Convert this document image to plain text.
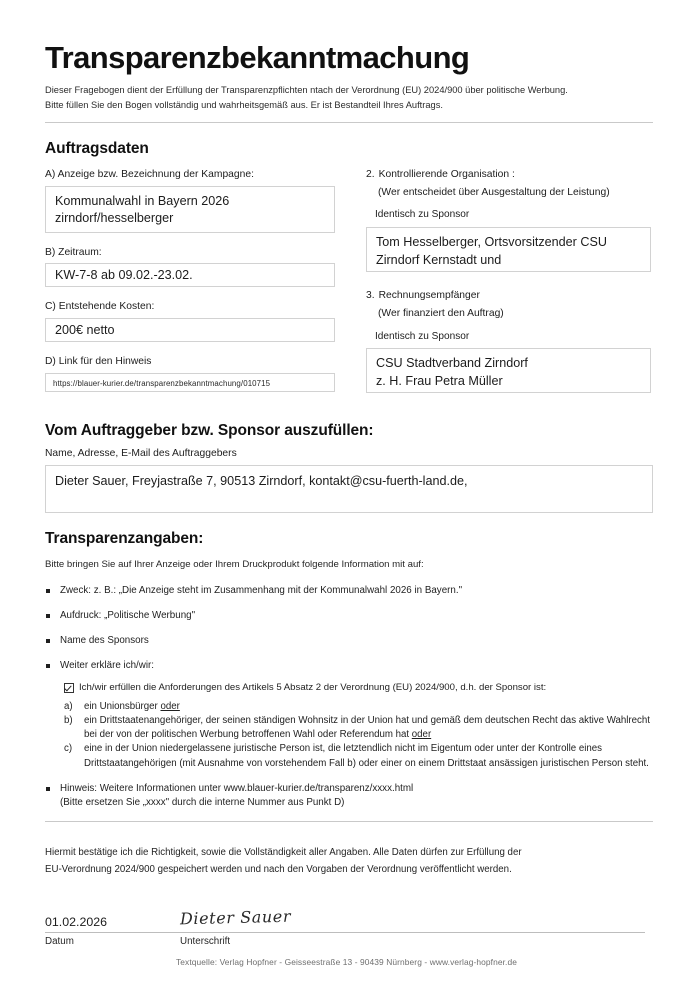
Transparenzbekanntmachung
Dieser Fragebogen dient der Erfüllung der Transparenzpflichten ntach der Verordnung (EU) 2024/900 über politische Werbung.
Bitte füllen Sie den Bogen vollständig und wahrheitsgemäß aus. Er ist Bestandteil Ihres Auftrags.
Auftragsdaten
A) Anzeige bzw. Bezeichnung der Kampagne:
Kommunalwahl in Bayern 2026
zirndorf/hesselberger
B) Zeitraum:
KW-7-8 ab 09.02.-23.02.
C) Entstehende Kosten:
200€ netto
D) Link für den Hinweis
https://blauer-kurier.de/transparenzbekanntmachung/010715
2. Kontrollierende Organisation :
(Wer entscheidet über Ausgestaltung der Leistung)
Identisch zu Sponsor
Tom Hesselberger, Ortsvorsitzender CSU
Zirndorf Kernstadt und
3. Rechnungsempfänger
(Wer finanziert den Auftrag)
Identisch zu Sponsor
CSU Stadtverband Zirndorf
z. H. Frau Petra Müller
Vom Auftraggeber bzw. Sponsor auszufüllen:
Name, Adresse, E-Mail des Auftraggebers
Dieter Sauer, Freyjastraße 7, 90513 Zirndorf, kontakt@csu-fuerth-land.de,
Transparenzangaben:
Bitte bringen Sie auf Ihrer Anzeige oder Ihrem Druckprodukt folgende Information mit auf:
Zweck: z. B.: „Die Anzeige steht im Zusammenhang mit der Kommunalwahl 2026 in Bayern."
Aufdruck: „Politische Werbung"
Name des Sponsors
Weiter erkläre ich/wir:
Ich/wir erfüllen die Anforderungen des Artikels 5 Absatz 2 der Verordnung (EU) 2024/900, d.h. der Sponsor ist:
a)	ein Unionsbürger oder
b)	ein Drittstaatenangehöriger, der seinen ständigen Wohnsitz in der Union hat und gemäß dem deutschen Recht das aktive Wahlrecht bei der von der politischen Werbung betroffenen Wahl oder Referendum hat oder
c)	eine in der Union niedergelassene juristische Person ist, die letztendlich nicht im Eigentum oder unter der Kontrolle eines Drittstaatangehörigen (mit Ausnahme von vorstehendem Fall b) oder einer on einem Drittstaat ansässigen juristischen Person steht.
Hinweis: Weitere Informationen unter www.blauer-kurier.de/transparenz/xxxx.html
(Bitte ersetzen Sie „xxxx" durch die interne Nummer aus Punkt D)
Hiermit bestätige ich die Richtigkeit, sowie die Vollständigkeit aller Angaben. Alle Daten dürfen zur Erfüllung der
EU-Verordnung 2024/900 gespeichert werden und nach den Vorgaben der Verordnung veröffentlicht werden.
01.02.2026	Dieter Sauer
Datum	Unterschrift
Textquelle: Verlag Hopfner - Geisseestraße 13 - 90439 Nürnberg - www.verlag-hopfner.de
